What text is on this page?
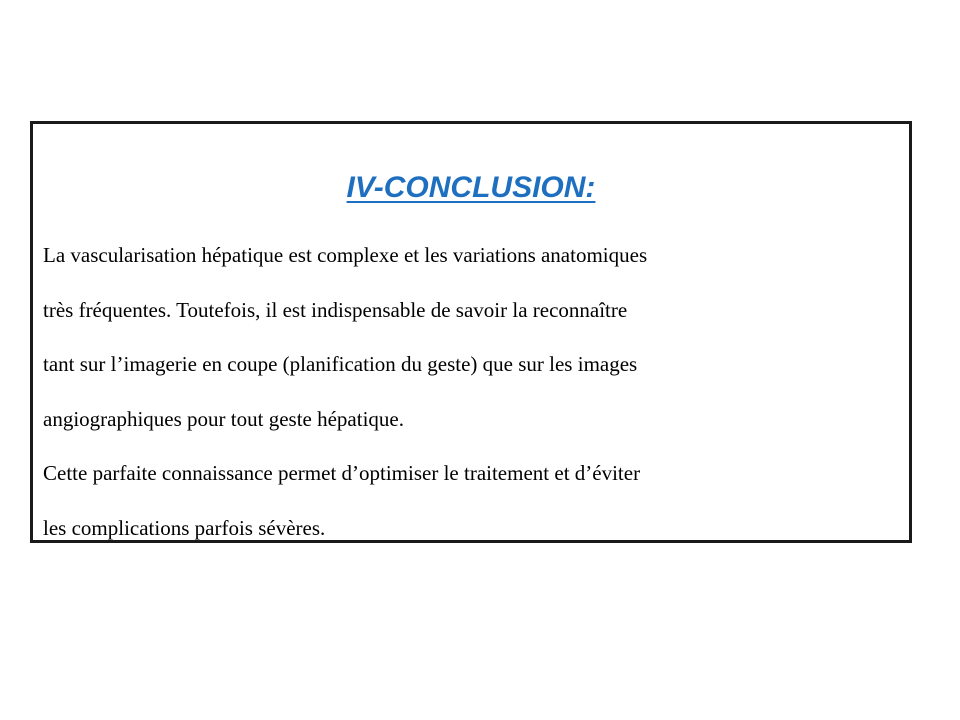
IV-CONCLUSION:
La vascularisation hépatique est complexe et les variations anatomiques
très fréquentes. Toutefois, il est indispensable de savoir la reconnaître
tant sur l’imagerie en coupe (planification du geste) que sur les images
angiographiques pour tout geste hépatique.
Cette parfaite connaissance permet d’optimiser le traitement et d’éviter
les complications parfois sévères.
